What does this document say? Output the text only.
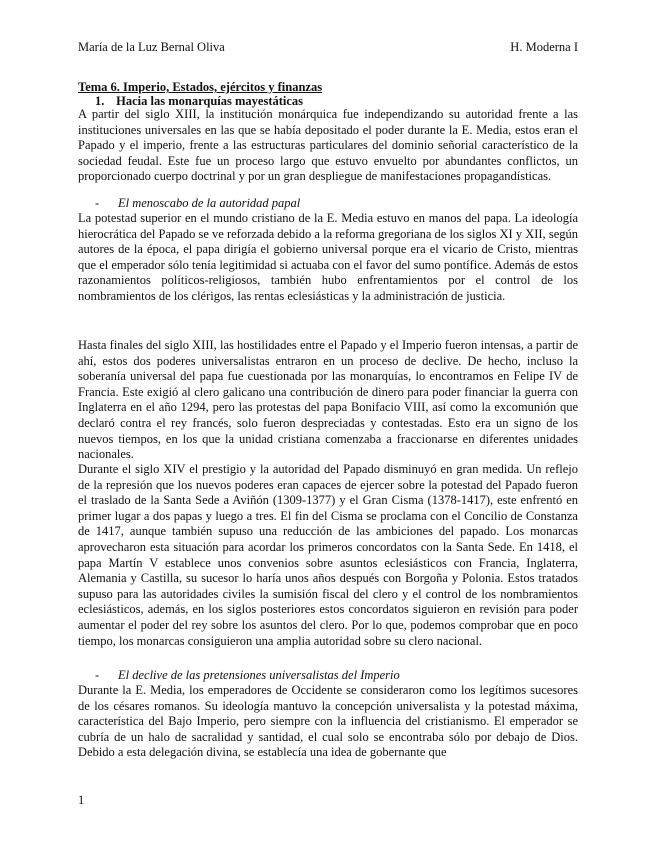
María de la Luz Bernal Oliva	H. Moderna I
Tema 6. Imperio, Estados, ejércitos y finanzas
1. Hacia las monarquías mayestáticas

A partir del siglo XIII, la institución monárquica fue independizando su autoridad frente a las instituciones universales en las que se había depositado el poder durante la E. Media, estos eran el Papado y el imperio, frente a las estructuras particulares del dominio señorial característico de la sociedad feudal. Este fue un proceso largo que estuvo envuelto por abundantes conflictos, un proporcionado cuerpo doctrinal y por un gran despliegue de manifestaciones propagandísticas.

- El menoscabo de la autoridad papal

La potestad superior en el mundo cristiano de la E. Media estuvo en manos del papa. La ideología hierocrática del Papado se ve reforzada debido a la reforma gregoriana de los siglos XI y XII, según autores de la época, el papa dirigía el gobierno universal porque era el vicario de Cristo, mientras que el emperador sólo tenía legitimidad si actuaba con el favor del sumo pontífice. Además de estos razonamientos políticos-religiosos, también hubo enfrentamientos por el control de los nombramientos de los clérigos, las rentas eclesiásticas y la administración de justicia.

Hasta finales del siglo XIII, las hostilidades entre el Papado y el Imperio fueron intensas, a partir de ahí, estos dos poderes universalistas entraron en un proceso de declive. De hecho, incluso la soberanía universal del papa fue cuestionada por las monarquías, lo encontramos en Felipe IV de Francia. Este exigió al clero galicano una contribución de dinero para poder financiar la guerra con Inglaterra en el año 1294, pero las protestas del papa Bonifacio VIII, así como la excomunión que declaró contra el rey francés, solo fueron despreciadas y contestadas. Esto era un signo de los nuevos tiempos, en los que la unidad cristiana comenzaba a fraccionarse en diferentes unidades nacionales.

Durante el siglo XIV el prestigio y la autoridad del Papado disminuyó en gran medida. Un reflejo de la represión que los nuevos poderes eran capaces de ejercer sobre la potestad del Papado fueron el traslado de la Santa Sede a Aviñón (1309-1377) y el Gran Cisma (1378-1417), este enfrentó en primer lugar a dos papas y luego a tres. El fin del Cisma se proclama con el Concilio de Constanza de 1417, aunque también supuso una reducción de las ambiciones del papado. Los monarcas aprovecharon esta situación para acordar los primeros concordatos con la Santa Sede. En 1418, el papa Martín V establece unos convenios sobre asuntos eclesiásticos con Francia, Inglaterra, Alemania y Castilla, su sucesor lo haría unos años después con Borgoña y Polonia. Estos tratados supuso para las autoridades civiles la sumisión fiscal del clero y el control de los nombramientos eclesiásticos, además, en los siglos posteriores estos concordatos siguieron en revisión para poder aumentar el poder del rey sobre los asuntos del clero. Por lo que, podemos comprobar que en poco tiempo, los monarcas consiguieron una amplia autoridad sobre su clero nacional.

- El declive de las pretensiones universalistas del Imperio

Durante la E. Media, los emperadores de Occidente se consideraron como los legítimos sucesores de los césares romanos. Su ideología mantuvo la concepción universalista y la potestad máxima, característica del Bajo Imperio, pero siempre con la influencia del cristianismo. El emperador se cubría de un halo de sacralidad y santidad, el cual solo se encontraba sólo por debajo de Dios. Debido a esta delegación divina, se establecía una idea de gobernante que

1
